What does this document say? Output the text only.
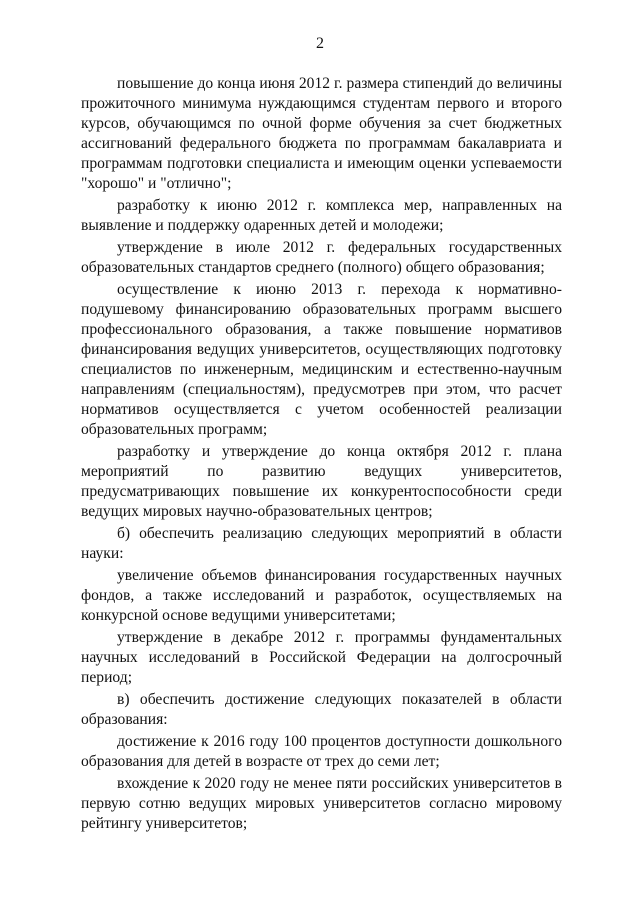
2

повышение до конца июня 2012 г. размера стипендий до величины прожиточного минимума нуждающимся студентам первого и второго курсов, обучающимся по очной форме обучения за счет бюджетных ассигнований федерального бюджета по программам бакалавриата и программам подготовки специалиста и имеющим оценки успеваемости "хорошо" и "отлично";

разработку к июню 2012 г. комплекса мер, направленных на выявление и поддержку одаренных детей и молодежи;

утверждение в июле 2012 г. федеральных государственных образовательных стандартов среднего (полного) общего образования;

осуществление к июню 2013 г. перехода к нормативно-подушевому финансированию образовательных программ высшего профессионального образования, а также повышение нормативов финансирования ведущих университетов, осуществляющих подготовку специалистов по инженерным, медицинским и естественно-научным направлениям (специальностям), предусмотрев при этом, что расчет нормативов осуществляется с учетом особенностей реализации образовательных программ;

разработку и утверждение до конца октября 2012 г. плана мероприятий по развитию ведущих университетов, предусматривающих повышение их конкурентоспособности среди ведущих мировых научно-образовательных центров;

б) обеспечить реализацию следующих мероприятий в области науки:

увеличение объемов финансирования государственных научных фондов, а также исследований и разработок, осуществляемых на конкурсной основе ведущими университетами;

утверждение в декабре 2012 г. программы фундаментальных научных исследований в Российской Федерации на долгосрочный период;

в) обеспечить достижение следующих показателей в области образования:

достижение к 2016 году 100 процентов доступности дошкольного образования для детей в возрасте от трех до семи лет;

вхождение к 2020 году не менее пяти российских университетов в первую сотню ведущих мировых университетов согласно мировому рейтингу университетов;
